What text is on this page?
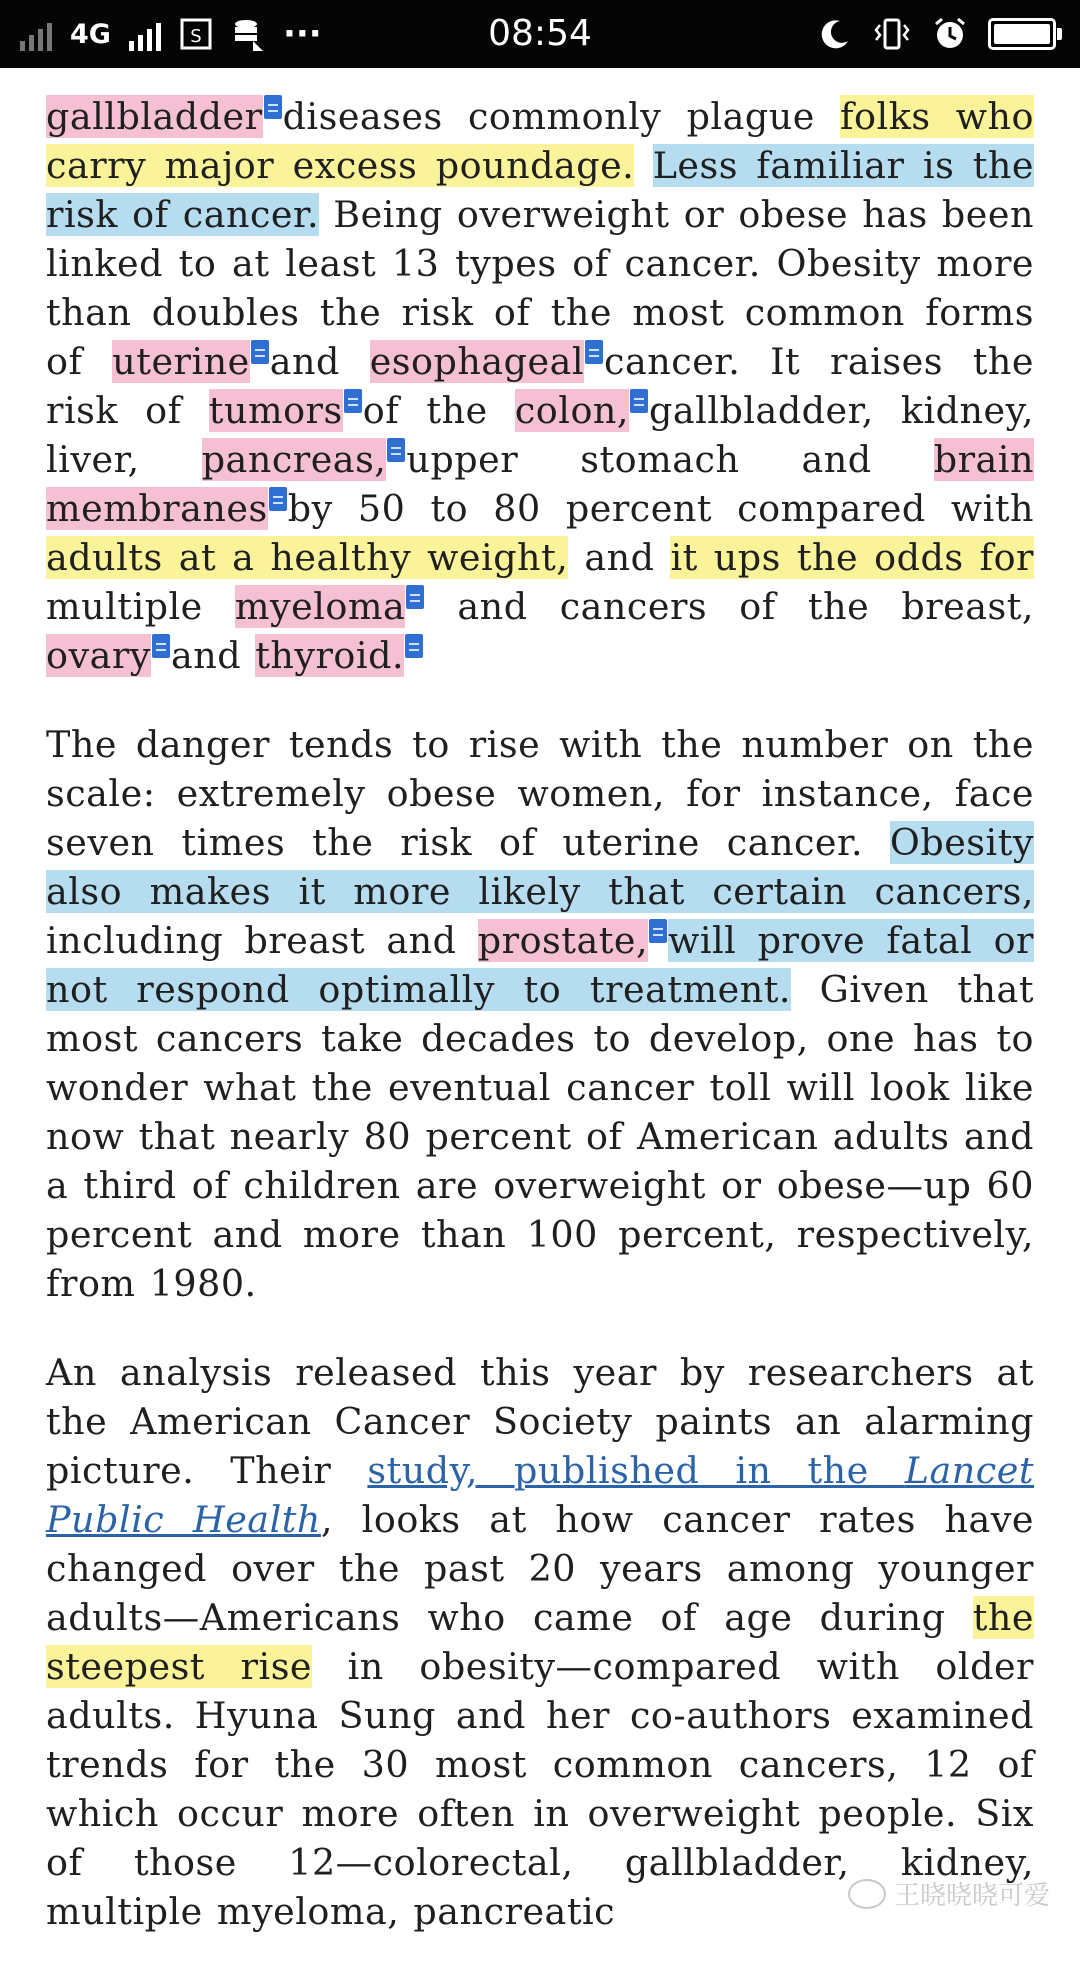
4G	S ···	08:54

gallbladder diseases commonly plague folks who carry major excess poundage. Less familiar is the risk of cancer. Being overweight or obese has been linked to at least 13 types of cancer. Obesity more than doubles the risk of the most common forms of uterine and esophageal cancer. It raises the risk of tumors of the colon, gallbladder, kidney, liver, pancreas, upper stomach and brain membranes by 50 to 80 percent compared with adults at a healthy weight, and it ups the odds for multiple myeloma and cancers of the breast, ovary and thyroid.

The danger tends to rise with the number on the scale: extremely obese women, for instance, face seven times the risk of uterine cancer. Obesity also makes it more likely that certain cancers, including breast and prostate, will prove fatal or not respond optimally to treatment. Given that most cancers take decades to develop, one has to wonder what the eventual cancer toll will look like now that nearly 80 percent of American adults and a third of children are overweight or obese—up 60 percent and more than 100 percent, respectively, from 1980.

An analysis released this year by researchers at the American Cancer Society paints an alarming picture. Their study, published in the Lancet Public Health, looks at how cancer rates have changed over the past 20 years among younger adults—Americans who came of age during the steepest rise in obesity—compared with older adults. Hyuna Sung and her co-authors examined trends for the 30 most common cancers, 12 of which occur more often in overweight people. Six of those 12—colorectal, gallbladder, kidney, multiple myeloma, pancreatic	王晓晓晓可爱
